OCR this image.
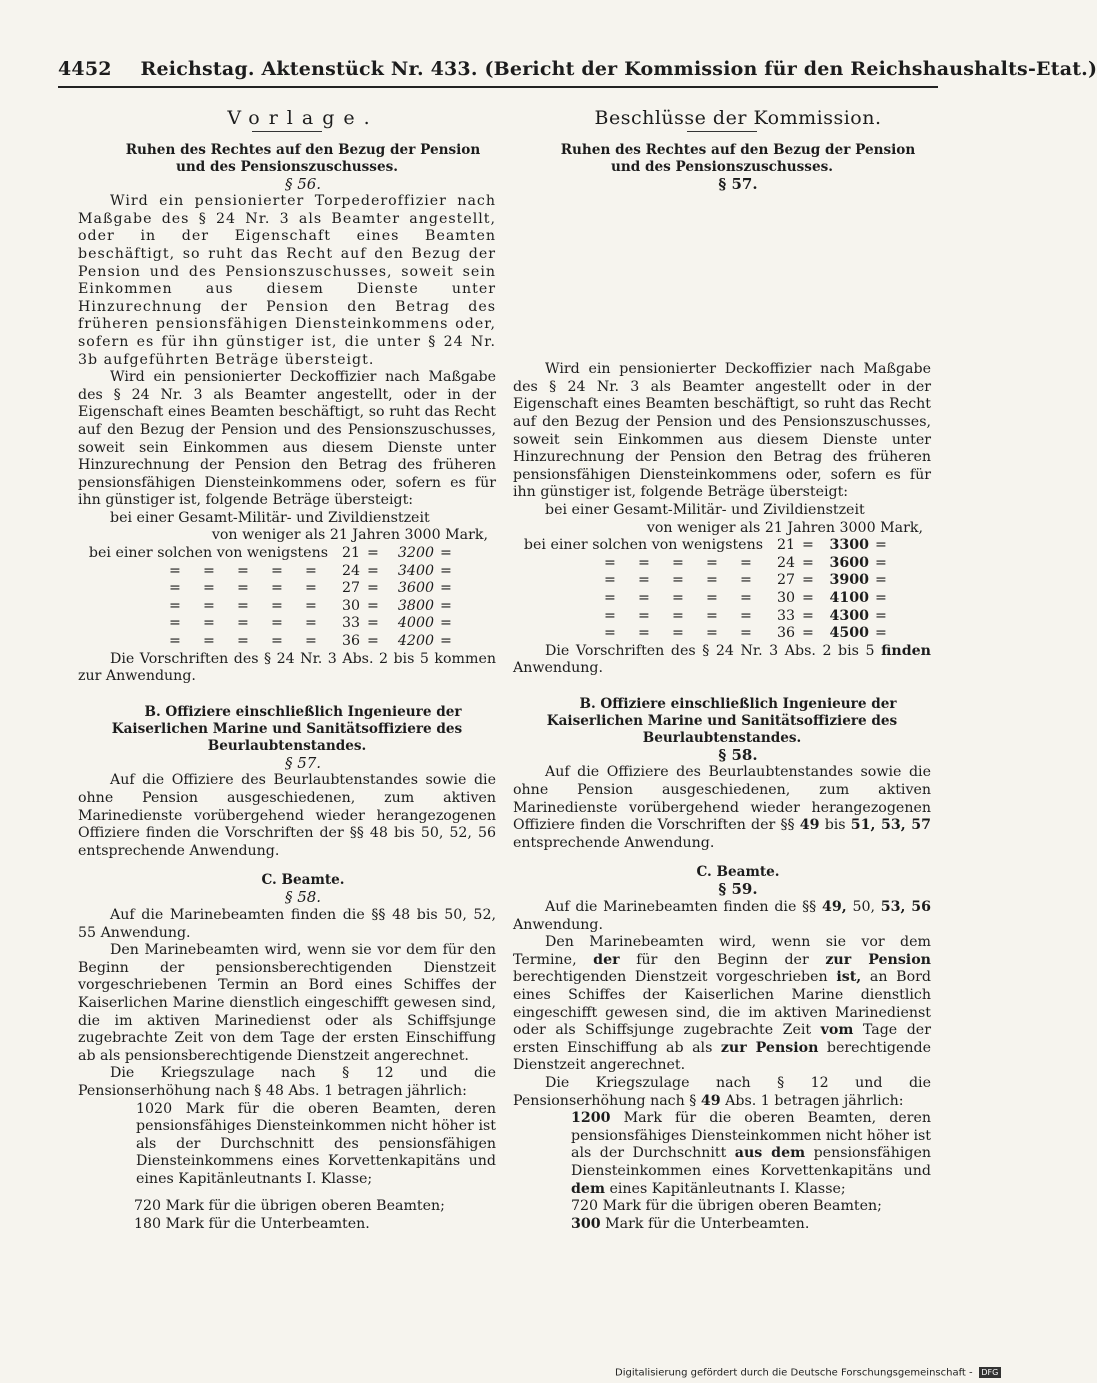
4452 Reichstag. Aktenstück Nr. 433. (Bericht der Kommission für den Reichshaushalts-Etat.)

Vorlage.

Ruhen des Rechtes auf den Bezug der Pension und des Pensionszuschusses.

§ 56.

Wird ein pensionierter Torpederoffizier nach Maßgabe des § 24 Nr. 3 als Beamter angestellt, oder in der Eigenschaft eines Beamten beschäftigt, so ruht das Recht auf den Bezug der Pension und des Pensionszuschusses, soweit sein Einkommen aus diesem Dienste unter Hinzurechnung der Pension den Betrag des früheren pensionsfähigen Diensteinkommens oder, sofern es für ihn günstiger ist, die unter § 24 Nr. 3b aufgeführten Beträge übersteigt.

Wird ein pensionierter Deckoffizier nach Maßgabe des § 24 Nr. 3 als Beamter angestellt, oder in der Eigenschaft eines Beamten beschäftigt, so ruht das Recht auf den Bezug der Pension und des Pensionszuschusses, soweit sein Einkommen aus diesem Dienste unter Hinzurechnung der Pension den Betrag des früheren pensionsfähigen Diensteinkommens oder, sofern es für ihn günstiger ist, folgende Beträge übersteigt:

bei einer Gesamt-Militär- und Zivildienstzeit

von weniger als 21 Jahren 3000 Mark,
bei einer solchen von wenigstens 21 =	3200 =
= = = = =	24 =	3400 =
= = = = =	27 =	3600 =
= = = = =	30 =	3800 =
= = = = =	33 =	4000 =
= = = = =	36 =	4200 =

Die Vorschriften des § 24 Nr. 3 Abs. 2 bis 5 kommen zur Anwendung.

B. Offiziere einschließlich Ingenieure der Kaiserlichen Marine und Sanitätsoffiziere des Beurlaubtenstandes.

§ 57.

Auf die Offiziere des Beurlaubtenstandes sowie die ohne Pension ausgeschiedenen, zum aktiven Marinedienste vorübergehend wieder herangezogenen Offiziere finden die Vorschriften der §§ 48 bis 50, 52, 56 entsprechende Anwendung.

C. Beamte.

§ 58.

Auf die Marinebeamten finden die §§ 48 bis 50, 52, 55 Anwendung.

Den Marinebeamten wird, wenn sie vor dem für den Beginn der pensionsberechtigenden Dienstzeit vorgeschriebenen Termin an Bord eines Schiffes der Kaiserlichen Marine dienstlich eingeschifft gewesen sind, die im aktiven Marinedienst oder als Schiffsjunge zugebrachte Zeit von dem Tage der ersten Einschiffung ab als pensionsberechtigende Dienstzeit angerechnet.

Die Kriegszulage nach § 12 und die Pensionserhöhung nach § 48 Abs. 1 betragen jährlich:

1020 Mark für die oberen Beamten, deren pensionsfähiges Diensteinkommen nicht höher ist als der Durchschnitt des pensionsfähigen Diensteinkommens eines Korvettenkapitäns und eines Kapitänleutnants I. Klasse;

720 Mark für die übrigen oberen Beamten;

180 Mark für die Unterbeamten.

Beschlüsse der Kommission.

Ruhen des Rechtes auf den Bezug der Pension und des Pensionszuschusses.

§ 57.

Wird ein pensionierter Deckoffizier nach Maßgabe des § 24 Nr. 3 als Beamter angestellt oder in der Eigenschaft eines Beamten beschäftigt, so ruht das Recht auf den Bezug der Pension und des Pensionszuschusses, soweit sein Einkommen aus diesem Dienste unter Hinzurechnung der Pension den Betrag des früheren pensionsfähigen Diensteinkommens oder, sofern es für ihn günstiger ist, folgende Beträge übersteigt:

bei einer Gesamt-Militär- und Zivildienstzeit

von weniger als 21 Jahren 3000 Mark,
bei einer solchen von wenigstens 21 =	3300 =
= = = = =	24 =	3600 =
= = = = =	27 =	3900 =
= = = = =	30 =	4100 =
= = = = =	33 =	4300 =
= = = = =	36 =	4500 =

Die Vorschriften des § 24 Nr. 3 Abs. 2 bis 5 finden Anwendung.

B. Offiziere einschließlich Ingenieure der Kaiserlichen Marine und Sanitätsoffiziere des Beurlaubtenstandes.

§ 58.

Auf die Offiziere des Beurlaubtenstandes sowie die ohne Pension ausgeschiedenen, zum aktiven Marinedienste vorübergehend wieder herangezogenen Offiziere finden die Vorschriften der §§ 49 bis 51, 53, 57 entsprechende Anwendung.

C. Beamte.

§ 59.

Auf die Marinebeamten finden die §§ 49, 50, 53, 56 Anwendung.

Den Marinebeamten wird, wenn sie vor dem Termine, der für den Beginn der zur Pension berechtigenden Dienstzeit vorgeschrieben ist, an Bord eines Schiffes der Kaiserlichen Marine dienstlich eingeschifft gewesen sind, die im aktiven Marinedienst oder als Schiffsjunge zugebrachte Zeit vom Tage der ersten Einschiffung ab als zur Pension berechtigende Dienstzeit angerechnet.

Die Kriegszulage nach § 12 und die Pensionserhöhung nach § 49 Abs. 1 betragen jährlich:

1200 Mark für die oberen Beamten, deren pensionsfähiges Diensteinkommen nicht höher ist als der Durchschnitt aus dem pensionsfähigen Diensteinkommen eines Korvettenkapitäns und dem eines Kapitänleutnants I. Klasse;

720 Mark für die übrigen oberen Beamten;

300 Mark für die Unterbeamten.

Digitalisierung gefördert durch die Deutsche Forschungsgemeinschaft - DFG
